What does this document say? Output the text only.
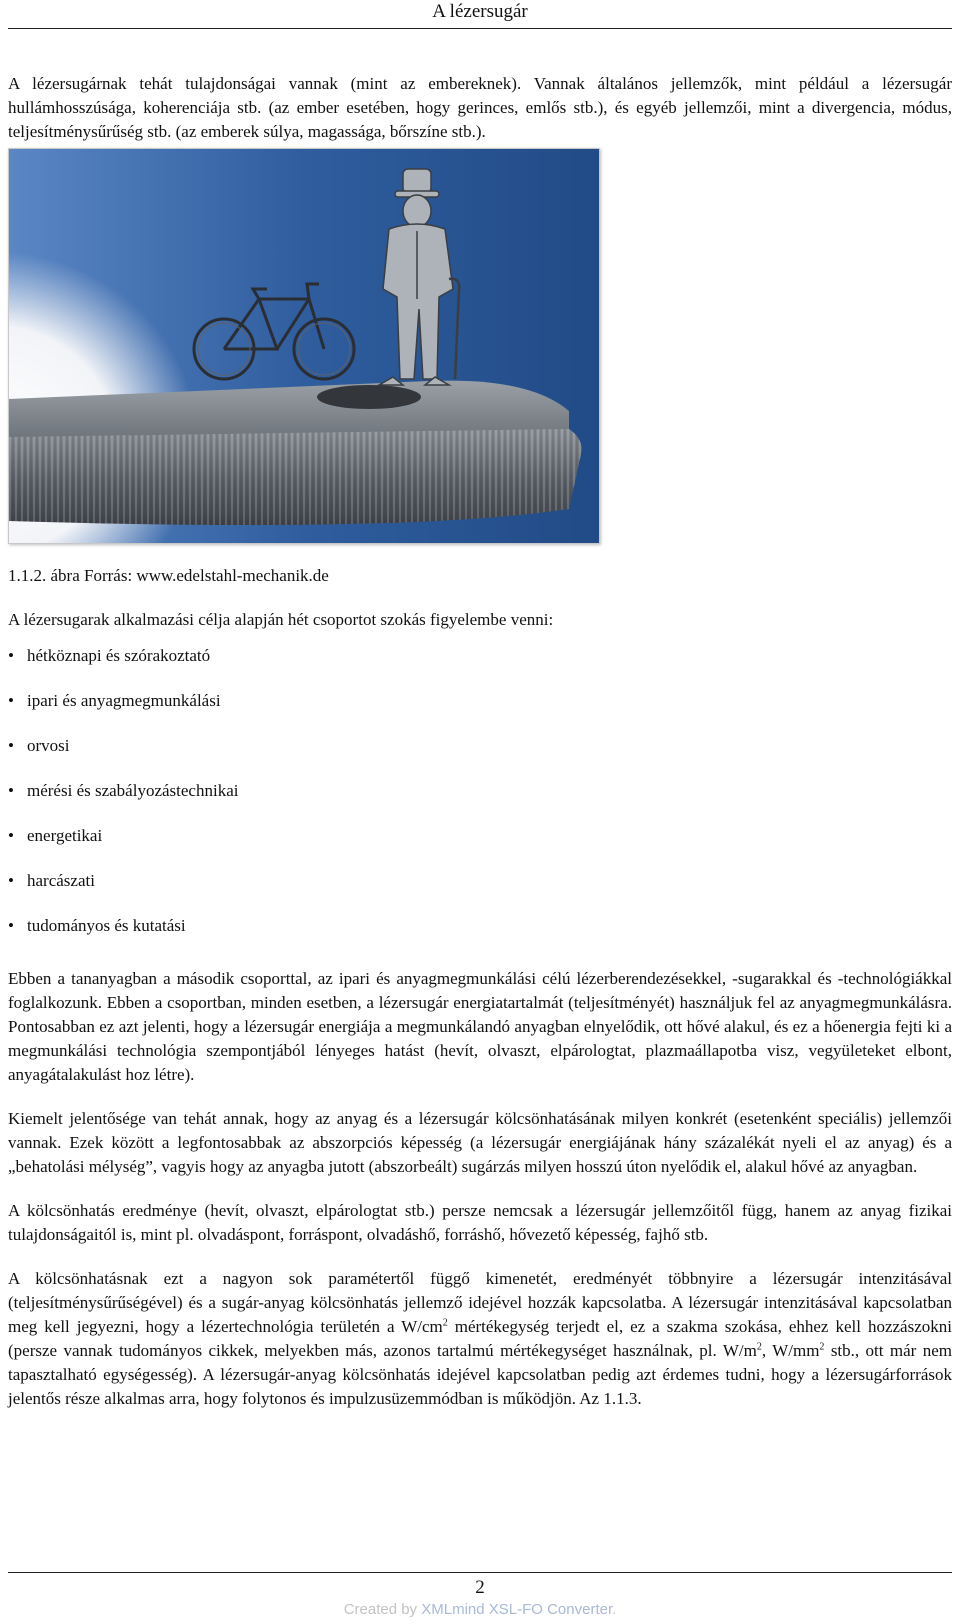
A lézersugár

A lézersugárnak tehát tulajdonságai vannak (mint az embereknek). Vannak általános jellemzők, mint például a lézersugár hullámhosszúsága, koherenciája stb. (az ember esetében, hogy gerinces, emlős stb.), és egyéb jellemzői, mint a divergencia, módus, teljesítménysűrűség stb. (az emberek súlya, magassága, bőrszíne stb.).

1.1.2. ábra Forrás: www.edelstahl-mechanik.de

A lézersugarak alkalmazási célja alapján hét csoportot szokás figyelembe venni:

• hétköznapi és szórakoztató
• ipari és anyagmegmunkálási
• orvosi
• mérési és szabályozástechnikai
• energetikai
• harcászati
• tudományos és kutatási

Ebben a tananyagban a második csoporttal, az ipari és anyagmegmunkálási célú lézerberendezésekkel, -sugarakkal és -technológiákkal foglalkozunk. Ebben a csoportban, minden esetben, a lézersugár energiatartalmát (teljesítményét) használjuk fel az anyagmegmunkálásra. Pontosabban ez azt jelenti, hogy a lézersugár energiája a megmunkálandó anyagban elnyelődik, ott hővé alakul, és ez a hőenergia fejti ki a megmunkálási technológia szempontjából lényeges hatást (hevít, olvaszt, elpárologtat, plazmaállapotba visz, vegyületeket elbont, anyagátalakulást hoz létre).

Kiemelt jelentősége van tehát annak, hogy az anyag és a lézersugár kölcsönhatásának milyen konkrét (esetenként speciális) jellemzői vannak. Ezek között a legfontosabbak az abszorpciós képesség (a lézersugár energiájának hány százalékát nyeli el az anyag) és a „behatolási mélység”, vagyis hogy az anyagba jutott (abszorbeált) sugárzás milyen hosszú úton nyelődik el, alakul hővé az anyagban.

A kölcsönhatás eredménye (hevít, olvaszt, elpárologtat stb.) persze nemcsak a lézersugár jellemzőitől függ, hanem az anyag fizikai tulajdonságaitól is, mint pl. olvadáspont, forráspont, olvadáshő, forráshő, hővezető képesség, fajhő stb.

A kölcsönhatásnak ezt a nagyon sok paramétertől függő kimenetét, eredményét többnyire a lézersugár intenzitásával (teljesítménysűrűségével) és a sugár-anyag kölcsönhatás jellemző idejével hozzák kapcsolatba. A lézersugár intenzitásával kapcsolatban meg kell jegyezni, hogy a lézertechnológia területén a $W/cm^2$ mértékegység terjedt el, ez a szakma szokása, ehhez kell hozzászokni (persze vannak tudományos cikkek, melyekben más, azonos tartalmú mértékegységet használnak, pl. $W/m^2$, $W/mm^2$ stb., ott már nem tapasztalható egységesség). A lézersugár-anyag kölcsönhatás idejével kapcsolatban pedig azt érdemes tudni, hogy a lézersugárforrások jelentős része alkalmas arra, hogy folytonos és impulzusüzemmódban is működjön. Az 1.1.3.

2
Created by XMLmind XSL-FO Converter.
